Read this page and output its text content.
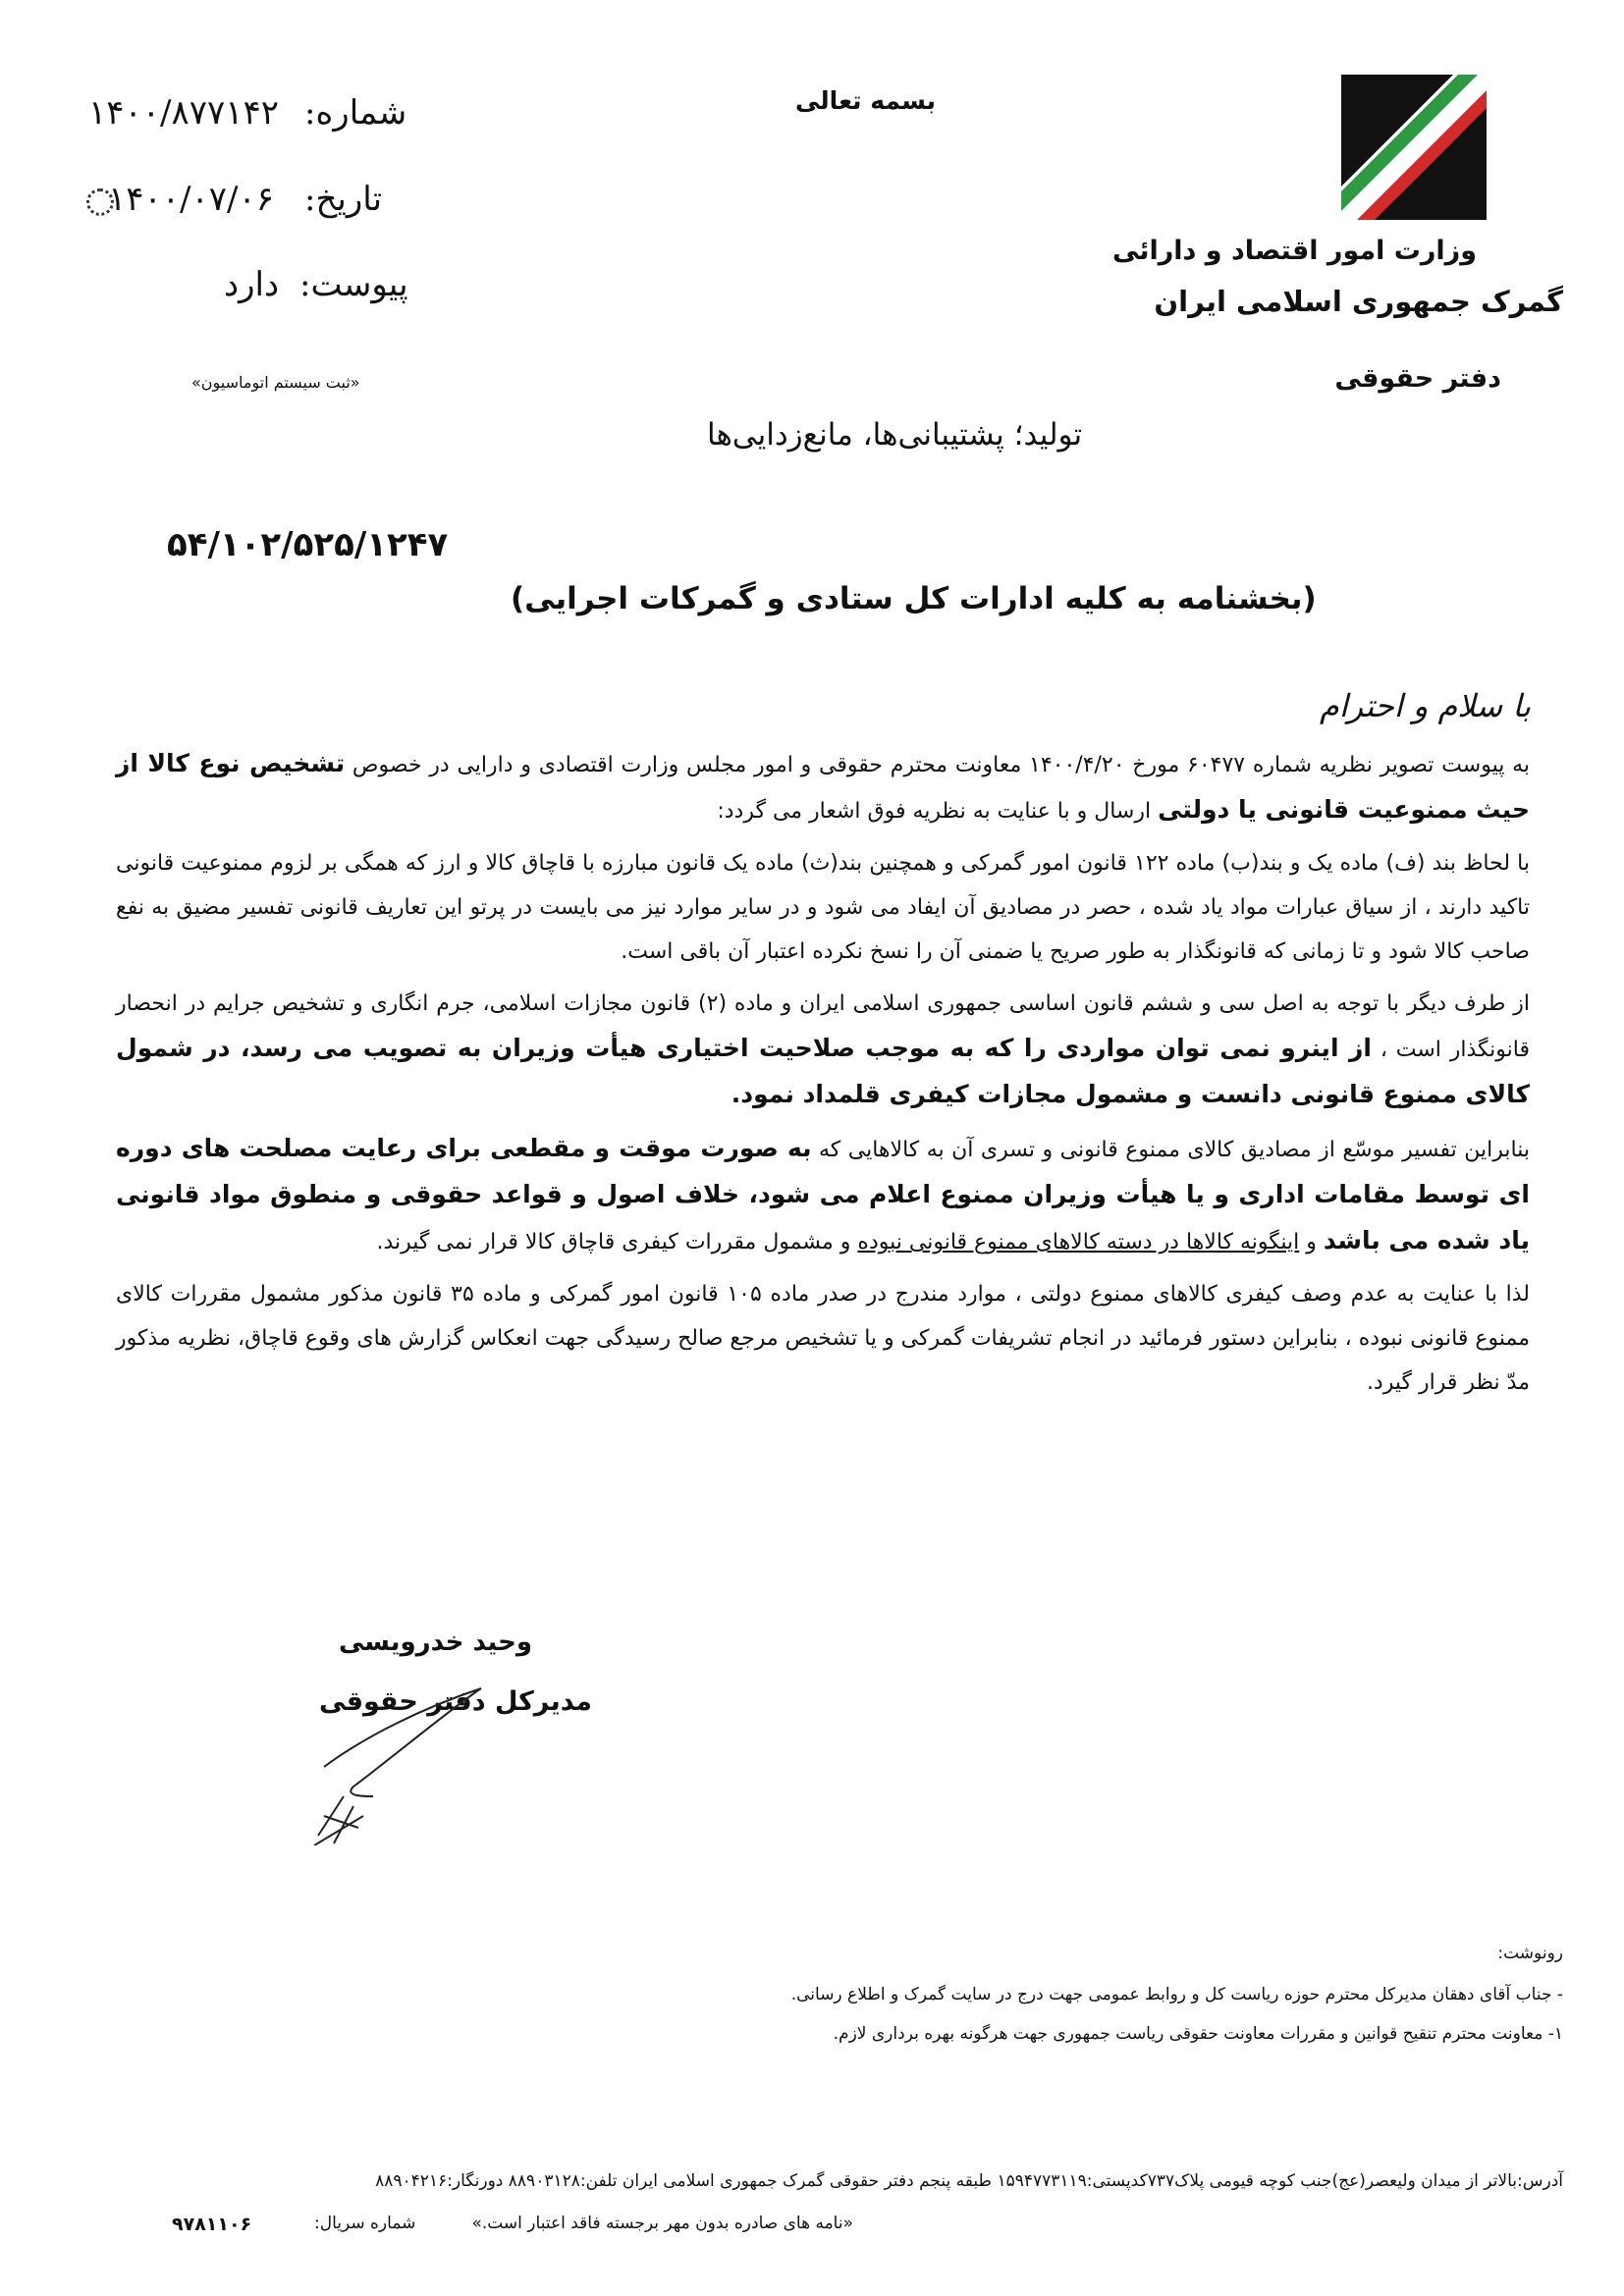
وزارت امور اقتصاد و دارائی
گمرک جمهوری اسلامی ایران
دفتر حقوقی
بسمه تعالی
شماره:
۱۴۰۰/۸۷۷۱۴۲
تاریخ:
۱۴۰۰/۰۷/۰۶
پیوست:
دارد
«ثبت سیستم اتوماسیون»
تولید؛ پشتیبانی‌ها، مانع‌زدایی‌ها
۵۴/۱۰۲/۵۲۵/۱۲۴۷
(بخشنامه به کلیه ادارات کل ستادی و گمرکات اجرایی)
با سلام و احترام

به پیوست تصویر نظریه شماره ۶۰۴۷۷ مورخ ۱۴۰۰/۴/۲۰ معاونت محترم حقوقی و امور مجلس وزارت اقتصادی و دارایی در خصوص تشخیص نوع کالا از حیث ممنوعیت قانونی یا دولتی ارسال و با عنایت به نظریه فوق اشعار می گردد:

با لحاظ بند (ف) ماده یک و بند(ب) ماده ۱۲۲ قانون امور گمرکی و همچنین بند(ث) ماده یک قانون مبارزه با قاچاق کالا و ارز که همگی بر لزوم ممنوعیت قانونی تاکید دارند ، از سیاق عبارات مواد یاد شده ، حصر در مصادیق آن ایفاد می شود و در سایر موارد نیز می بایست در پرتو این تعاریف قانونی تفسیر مضیق به نفع صاحب کالا شود و تا زمانی که قانونگذار به طور صریح یا ضمنی آن را نسخ نکرده اعتبار آن باقی است.

از طرف دیگر با توجه به اصل سی و ششم قانون اساسی جمهوری اسلامی ایران و ماده (۲) قانون مجازات اسلامی، جرم انگاری و تشخیص جرایم در انحصار قانونگذار است ، از اینرو نمی توان مواردی را که به موجب صلاحیت اختیاری هیأت وزیران به تصویب می رسد، در شمول کالای ممنوع قانونی دانست و مشمول مجازات کیفری قلمداد نمود.

بنابراین تفسیر موسّع از مصادیق کالای ممنوع قانونی و تسری آن به کالاهایی که به صورت موقت و مقطعی برای رعایت مصلحت های دوره ای توسط مقامات اداری و یا هیأت وزیران ممنوع اعلام می شود، خلاف اصول و قواعد حقوقی و منطوق مواد قانونی یاد شده می باشد و اینگونه کالاها در دسته کالاهای ممنوع قانونی نبوده و مشمول مقررات کیفری قاچاق کالا قرار نمی گیرند.

لذا با عنایت به عدم وصف کیفری کالاهای ممنوع دولتی ، موارد مندرج در صدر ماده ۱۰۵ قانون امور گمرکی و ماده ۳۵ قانون مذکور مشمول مقررات کالای ممنوع قانونی نبوده ، بنابراین دستور فرمائید در انجام تشریفات گمرکی و یا تشخیص مرجع صالح رسیدگی جهت انعکاس گزارش های وقوع قاچاق، نظریه مذکور مدّ نظر قرار گیرد.

وحید خدرویسی
مدیرکل دفتر حقوقی
رونوشت:
- جناب آقای دهقان مدیرکل محترم حوزه ریاست کل و روابط عمومی جهت درج در سایت گمرک و اطلاع رسانی.
۱- معاونت محترم تنقیح قوانین و مقررات معاونت حقوقی ریاست جمهوری جهت هرگونه بهره برداری لازم.
آدرس:بالاتر از میدان ولیعصر(عج)جنب کوچه قیومی پلاک۷۳۷کدپستی:۱۵۹۴۷۷۳۱۱۹ طبقه پنجم دفتر حقوقی گمرک جمهوری اسلامی ایران تلفن:۸۸۹۰۳۱۲۸ دورنگار:۸۸۹۰۴۲۱۶
«نامه های صادره بدون مهر برجسته فاقد اعتبار است.»
شماره سریال:
۹۷۸۱۱۰۶
